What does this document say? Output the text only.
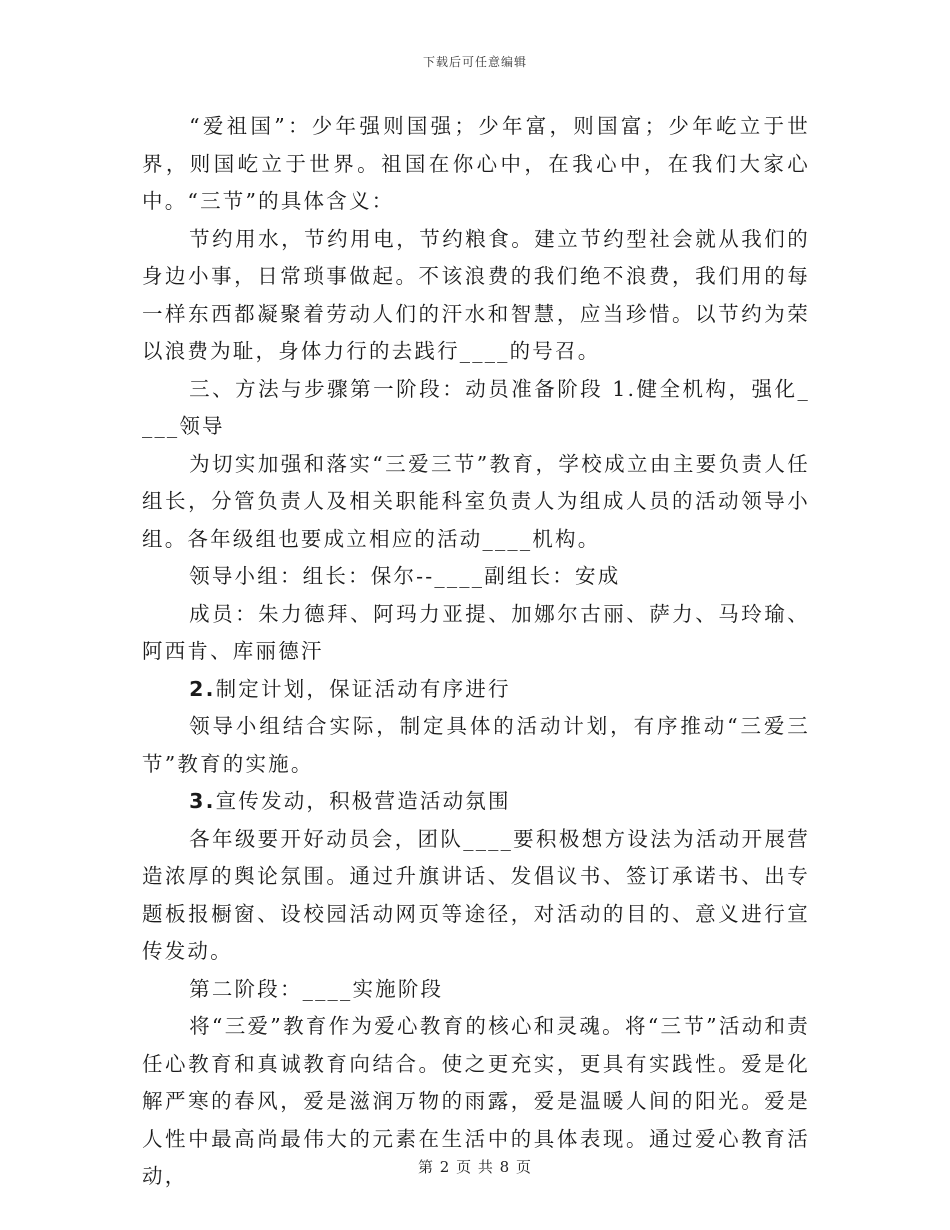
下载后可任意编辑

“爱祖国”：少年强则国强；少年富，则国富；少年屹立于世界，则国屹立于世界。祖国在你心中，在我心中，在我们大家心中。“三节”的具体含义：

节约用水，节约用电，节约粮食。建立节约型社会就从我们的身边小事，日常琐事做起。不该浪费的我们绝不浪费，我们用的每一样东西都凝聚着劳动人们的汗水和智慧，应当珍惜。以节约为荣以浪费为耻，身体力行的去践行____的号召。

三、方法与步骤第一阶段：动员准备阶段 1.健全机构，强化____领导

为切实加强和落实“三爱三节”教育，学校成立由主要负责人任组长，分管负责人及相关职能科室负责人为组成人员的活动领导小组。各年级组也要成立相应的活动____机构。

领导小组：组长：保尔--____副组长：安成

成员：朱力德拜、阿玛力亚提、加娜尔古丽、萨力、马玲瑜、阿西肯、库丽德汗

2.制定计划，保证活动有序进行

领导小组结合实际，制定具体的活动计划，有序推动“三爱三节”教育的实施。

3.宣传发动，积极营造活动氛围

各年级要开好动员会，团队____要积极想方设法为活动开展营造浓厚的舆论氛围。通过升旗讲话、发倡议书、签订承诺书、出专题板报橱窗、设校园活动网页等途径，对活动的目的、意义进行宣传发动。

第二阶段：____实施阶段

将“三爱”教育作为爱心教育的核心和灵魂。将“三节”活动和责任心教育和真诚教育向结合。使之更充实，更具有实践性。爱是化解严寒的春风，爱是滋润万物的雨露，爱是温暖人间的阳光。爱是人性中最高尚最伟大的元素在生活中的具体表现。通过爱心教育活动，	第 2 页 共 8 页
